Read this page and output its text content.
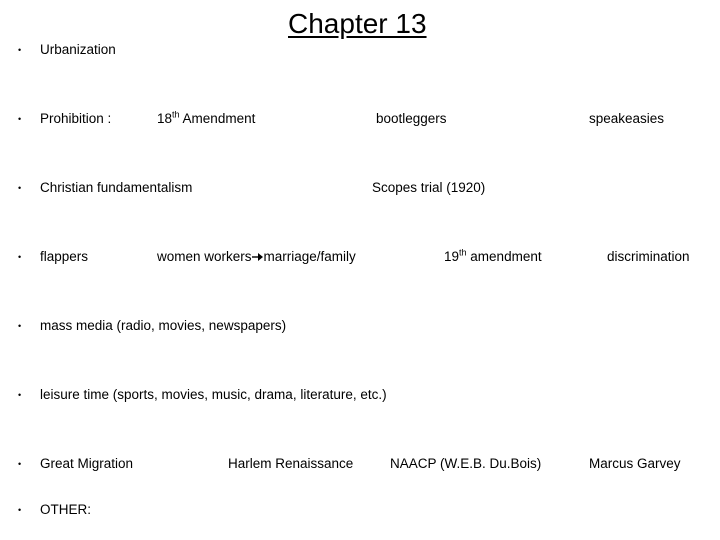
Chapter 13
• Urbanization
• Prohibition :	18th Amendment	bootleggers	speakeasies
• Christian fundamentalism	Scopes trial (1920)
• flappers	women workers marriage/family	19th amendment	discrimination
• mass media (radio, movies, newspapers)
• leisure time (sports, movies, music, drama, literature, etc.)
• Great Migration	Harlem Renaissance	NAACP (W.E.B. Du.Bois)	Marcus Garvey
• OTHER:
